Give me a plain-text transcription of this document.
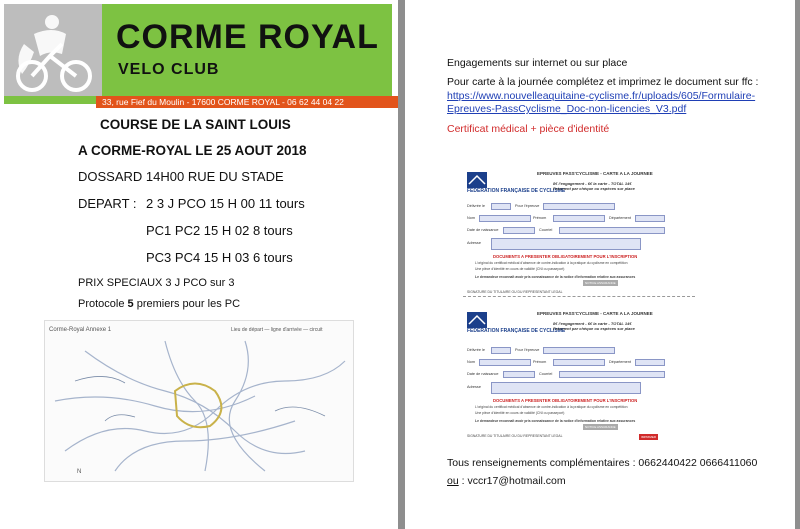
CORME ROYAL
VELO CLUB
33, rue Fief du Moulin - 17600 CORME ROYAL - 06 62 44 04 22
COURSE DE LA SAINT LOUIS
A CORME-ROYAL LE 25 AOUT 2018
DOSSARD 14H00 RUE DU STADE
DEPART : 2 3 J PCO 15 H 00 11 tours
PC1 PC2 15 H 02 8 tours
PC3 PC4 15 H 03 6 tours
PRIX SPECIAUX 3 J PCO sur 3
Protocole 5 premiers pour les PC
Corme-Royal Annexe 1	Lieu de départ — ligne d'arrivée — circuit
N
Engagements sur internet ou sur place
Pour carte à la journée complétez et imprimez le document sur ffc :
https://www.nouvelleaquitaine-cyclisme.fr/uploads/605/Formulaire-
Epreuves-PassCyclisme_Doc-non-licencies_V3.pdf
Certificat médical + pièce d'identité
FEDERATION FRANÇAISE DE CYCLISME
EPREUVES PASS'CYCLISME - CARTE A LA JOURNEE
8€ l'engagement - 6€ la carte - TOTAL 14€
Paiement par chèque ou espèces sur place
Délivrée le	Pour l'épreuve
Nom	Prénom	Département
Date de naissance	Courriel
Adresse
DOCUMENTS A PRESENTER OBLIGATOIREMENT POUR L'INSCRIPTION
L'original du certificat médical d'absence de contre-indication à la pratique du cyclisme en compétition
Une pièce d'identité en cours de validité (CNI ou passeport)
Le demandeur reconnaît avoir pris connaissance de la notice d'information relative aux assurances
NOTICE ASSURANCE
SIGNATURE DU TITULAIRE OU DU REPRESENTANT LEGAL
FEDERATION FRANÇAISE DE CYCLISME
EPREUVES PASS'CYCLISME - CARTE A LA JOURNEE
8€ l'engagement - 6€ la carte - TOTAL 14€
Paiement par chèque ou espèces sur place
Délivrée le	Pour l'épreuve
Nom	Prénom	Département
Date de naissance	Courriel
Adresse
DOCUMENTS A PRESENTER OBLIGATOIREMENT POUR L'INSCRIPTION
L'original du certificat médical d'absence de contre-indication à la pratique du cyclisme en compétition
Une pièce d'identité en cours de validité (CNI ou passeport)
Le demandeur reconnaît avoir pris connaissance de la notice d'information relative aux assurances
NOTICE ASSURANCE
SIGNATURE DU TITULAIRE OU DU REPRESENTANT LEGAL	IMPRIMER
Tous renseignements complémentaires : 0662440422 0666411060
ou : vccr17@hotmail.com
